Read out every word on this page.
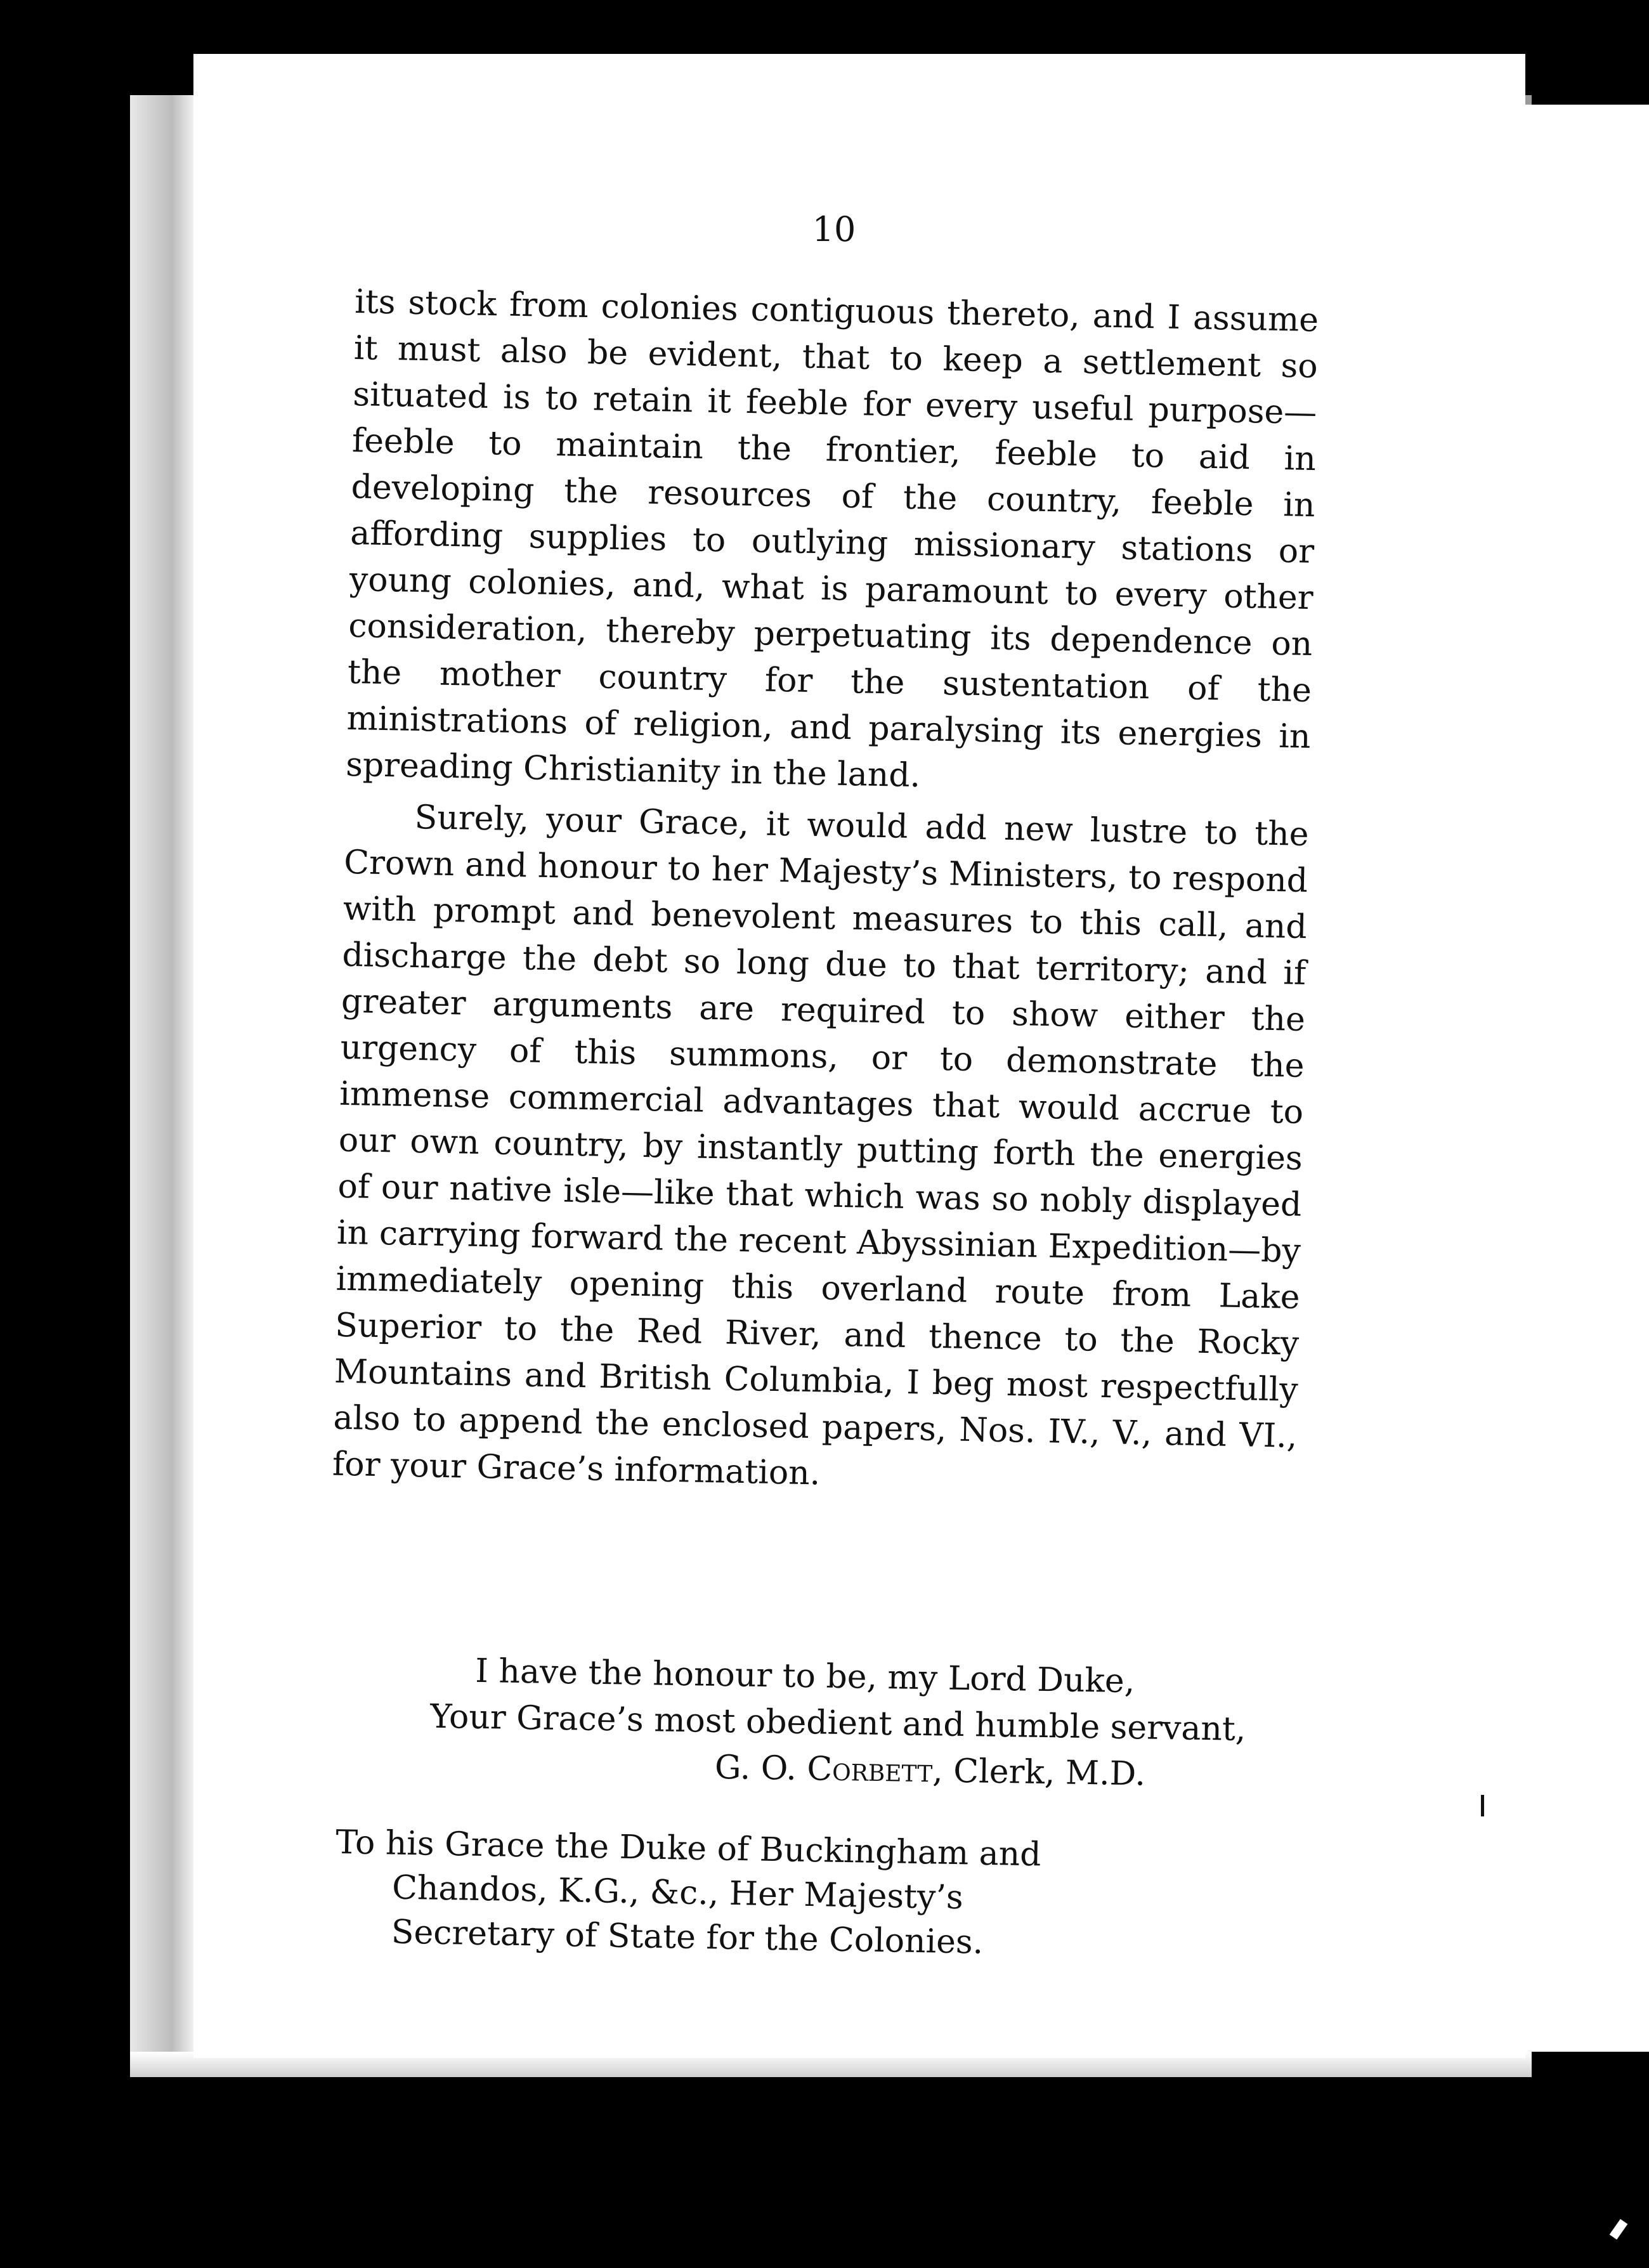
10

its stock from colonies contiguous thereto, and I assume it must also be evident, that to keep a settlement so situated is to retain it feeble for every useful purpose—feeble to maintain the frontier, feeble to aid in developing the resources of the country, feeble in affording supplies to outlying missionary stations or young colonies, and, what is paramount to every other consideration, thereby perpetuating its dependence on the mother country for the sustentation of the ministrations of religion, and paralysing its energies in spreading Christianity in the land.

Surely, your Grace, it would add new lustre to the Crown and honour to her Majesty’s Ministers, to respond with prompt and benevolent measures to this call, and discharge the debt so long due to that territory; and if greater arguments are required to show either the urgency of this summons, or to demonstrate the immense commercial advantages that would accrue to our own country, by instantly putting forth the energies of our native isle—like that which was so nobly displayed in carrying forward the recent Abyssinian Expedition—by immediately opening this overland route from Lake Superior to the Red River, and thence to the Rocky Mountains and British Columbia, I beg most respectfully also to append the enclosed papers, Nos. IV., V., and VI., for your Grace’s information.

I have the honour to be, my Lord Duke,
Your Grace’s most obedient and humble servant,
G. O. Corbett, Clerk, M.D.
To his Grace the Duke of Buckingham and
Chandos, K.G., &c., Her Majesty’s
Secretary of State for the Colonies.
